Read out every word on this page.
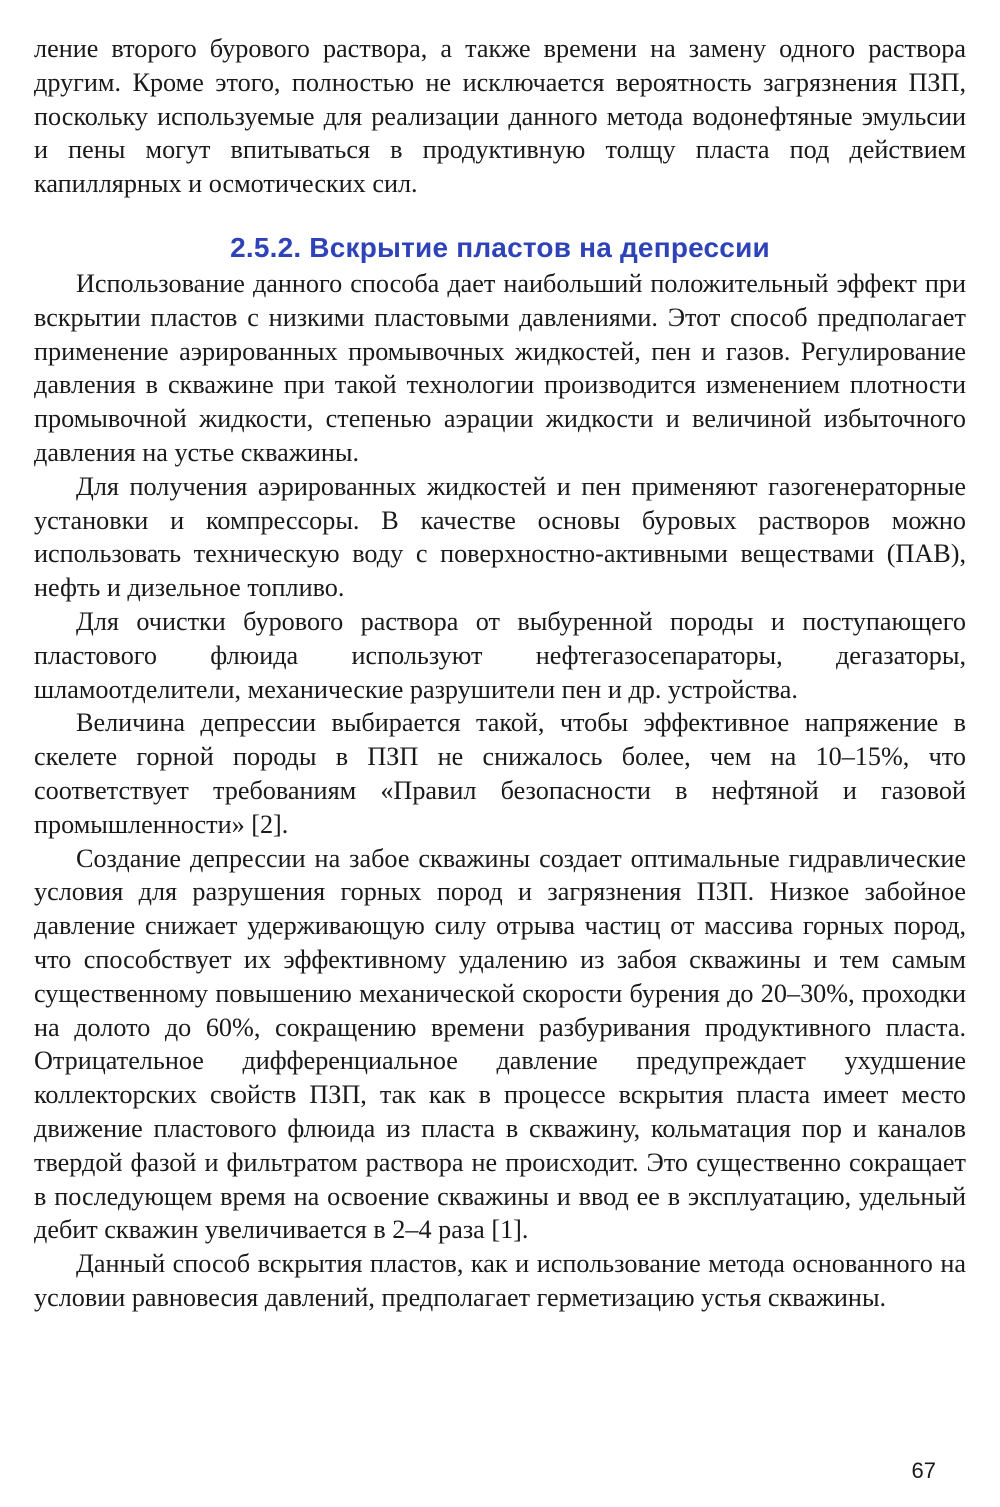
ление второго бурового раствора, а также времени на замену одного раствора другим. Кроме этого, полностью не исключается вероятность загрязнения ПЗП, поскольку используемые для реализации данного метода водонефтяные эмульсии и пены могут впитываться в продуктивную толщу пласта под действием капиллярных и осмотических сил.

2.5.2. Вскрытие пластов на депрессии

Использование данного способа дает наибольший положительный эффект при вскрытии пластов с низкими пластовыми давлениями. Этот способ предполагает применение аэрированных промывочных жидкостей, пен и газов. Регулирование давления в скважине при такой технологии производится изменением плотности промывочной жидкости, степенью аэрации жидкости и величиной избыточного давления на устье скважины.

Для получения аэрированных жидкостей и пен применяют газогенераторные установки и компрессоры. В качестве основы буровых растворов можно использовать техническую воду с поверхностно-активными веществами (ПАВ), нефть и дизельное топливо.

Для очистки бурового раствора от выбуренной породы и поступающего пластового флюида используют нефтегазосепараторы, дегазаторы, шламоотделители, механические разрушители пен и др. устройства.

Величина депрессии выбирается такой, чтобы эффективное напряжение в скелете горной породы в ПЗП не снижалось более, чем на 10–15%, что соответствует требованиям «Правил безопасности в нефтяной и газовой промышленности» [2].

Создание депрессии на забое скважины создает оптимальные гидравлические условия для разрушения горных пород и загрязнения ПЗП. Низкое забойное давление снижает удерживающую силу отрыва частиц от массива горных пород, что способствует их эффективному удалению из забоя скважины и тем самым существенному повышению механической скорости бурения до 20–30%, проходки на долото до 60%, сокращению времени разбуривания продуктивного пласта. Отрицательное дифференциальное давление предупреждает ухудшение коллекторских свойств ПЗП, так как в процессе вскрытия пласта имеет место движение пластового флюида из пласта в скважину, кольматация пор и каналов твердой фазой и фильтратом раствора не происходит. Это существенно сокращает в последующем время на освоение скважины и ввод ее в эксплуатацию, удельный дебит скважин увеличивается в 2–4 раза [1].

Данный способ вскрытия пластов, как и использование метода основанного на условии равновесия давлений, предполагает герметизацию устья скважины.

67
